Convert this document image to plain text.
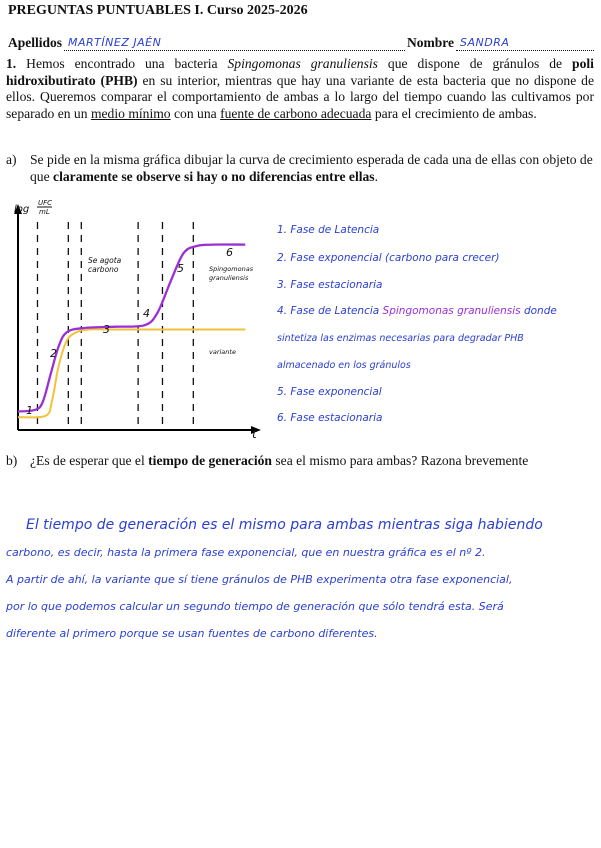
PREGUNTAS PUNTUABLES I. Curso 2025-2026
Apellidos MARTÍNEZ JAÉN	Nombre SANDRA
1. Hemos encontrado una bacteria Spingomonas granuliensis que dispone de gránulos de poli hidroxibutirato (PHB) en su interior, mientras que hay una variante de esta bacteria que no dispone de ellos. Queremos comparar el comportamiento de ambas a lo largo del tiempo cuando las cultivamos por separado en un medio mínimo con una fuente de carbono adecuada para el crecimiento de ambas.
a) Se pide en la misma gráfica dibujar la curva de crecimiento esperada de cada una de ellas con objeto de que claramente se observe si hay o no diferencias entre ellas.
log
UFC
mL
t
1
2
3
4
5
6
Se agota
carbono	Spingomonas
granuliensis
variante
1. Fase de Latencia
2. Fase exponencial (carbono para crecer)
3. Fase estacionaria
4. Fase de Latencia Spingomonas granuliensis donde
sintetiza las enzimas necesarias para degradar PHB
almacenado en los gránulos
5. Fase exponencial
6. Fase estacionaria
b) ¿Es de esperar que el tiempo de generación sea el mismo para ambas? Razona brevemente

El tiempo de generación es el mismo para ambas mientras siga habiendo

carbono, es decir, hasta la primera fase exponencial, que en nuestra gráfica es el nº 2.

A partir de ahí, la variante que sí tiene gránulos de PHB experimenta otra fase exponencial,

por lo que podemos calcular un segundo tiempo de generación que sólo tendrá esta. Será

diferente al primero porque se usan fuentes de carbono diferentes.
